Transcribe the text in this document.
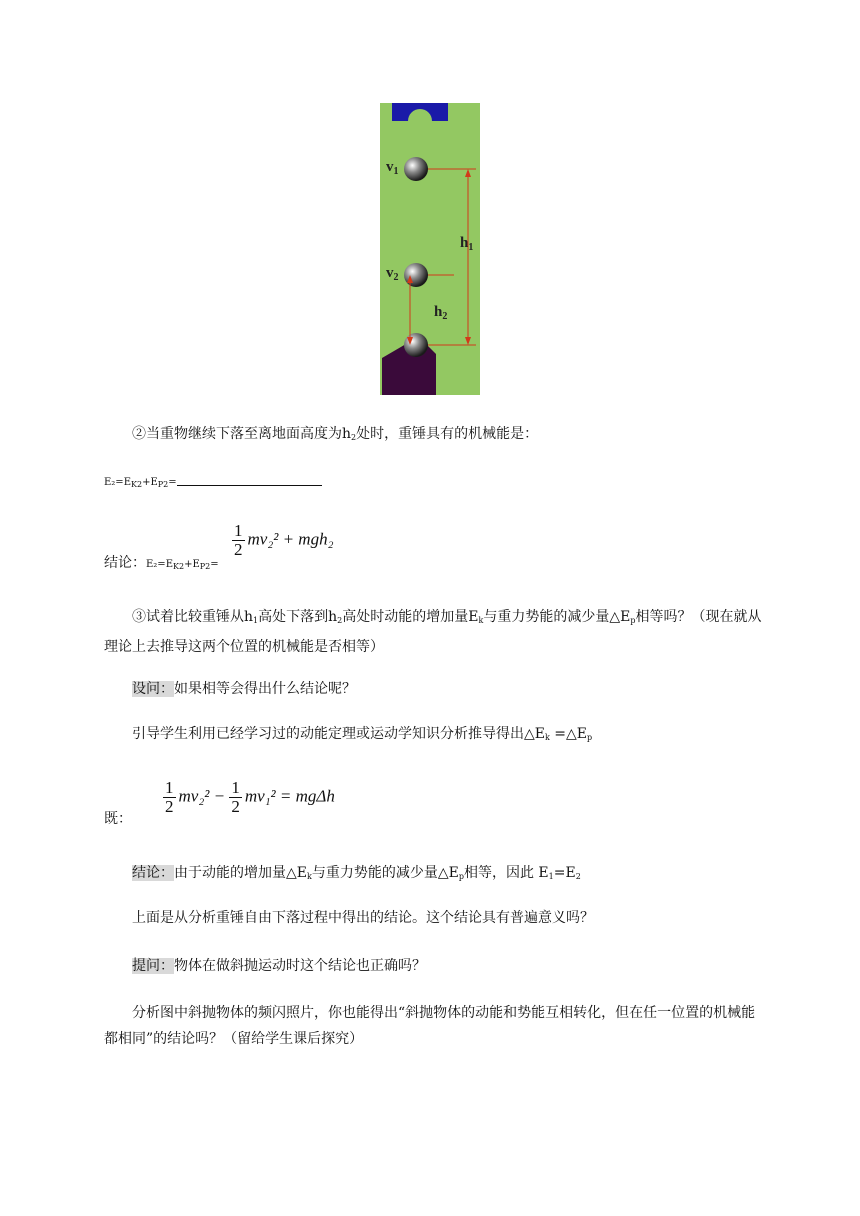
$v_1$
$v_2$
$h_1$
$h_2$
②当重物继续下落至离地面高度为$h_2$处时，重锤具有的机械能是：
$E_2=E_{K2}+E_{P2}=$
结论：$E_2=E_{K2}+E_{P2}=$
$\frac{1}{2} mv_2^2 + mgh_2$
③试着比较重锤从$h_1$高处下落到$h_2$高处时动能的增加量$E_k$与重力势能的减少量$\triangle E_p$相等吗？（现在就从理论上去推导这两个位置的机械能是否相等）
设问：如果相等会得出什么结论呢？
引导学生利用已经学习过的动能定理或运动学知识分析推导得出$\triangle E_k$ $=\triangle E_p$
既：
$\frac{1}{2} mv_2^2 - \frac{1}{2} mv_1^2 = mg\Delta h$
结论：由于动能的增加量$\triangle E_k$与重力势能的减少量$\triangle E_p$相等，因此 $E_1=E_2$
上面是从分析重锤自由下落过程中得出的结论。这个结论具有普遍意义吗？
提问：物体在做斜抛运动时这个结论也正确吗？
分析图中斜抛物体的频闪照片，你也能得出“斜抛物体的动能和势能互相转化，但在任一位置的机械能都相同”的结论吗？（留给学生课后探究）
